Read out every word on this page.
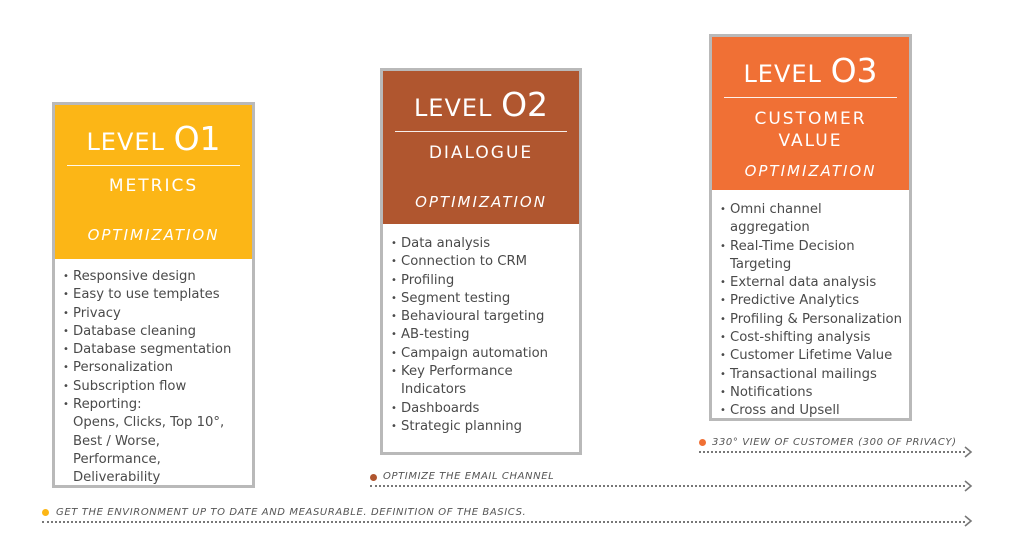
LEVEL O1
METRICS
OPTIMIZATION
• Responsive design
• Easy to use templates
• Privacy
• Database cleaning
• Database segmentation
• Personalization
• Subscription flow
• Reporting:
Opens, Clicks, Top 10°,
Best / Worse, Performance,
Deliverability
LEVEL O2
DIALOGUE
OPTIMIZATION
• Data analysis
• Connection to CRM
• Profiling
• Segment testing
• Behavioural targeting
• AB-testing
• Campaign automation
• Key Performance Indicators
• Dashboards
• Strategic planning
LEVEL O3
CUSTOMER
VALUE
OPTIMIZATION
• Omni channel aggregation
• Real-Time Decision
Targeting
• External data analysis
• Predictive Analytics
• Profiling & Personalization
• Cost-shifting analysis
• Customer Lifetime Value
• Transactional mailings
• Notifications
• Cross and Upsell
330° VIEW OF CUSTOMER (300 OF PRIVACY)
OPTIMIZE THE EMAIL CHANNEL
GET THE ENVIRONMENT UP TO DATE AND MEASURABLE. DEFINITION OF THE BASICS.
